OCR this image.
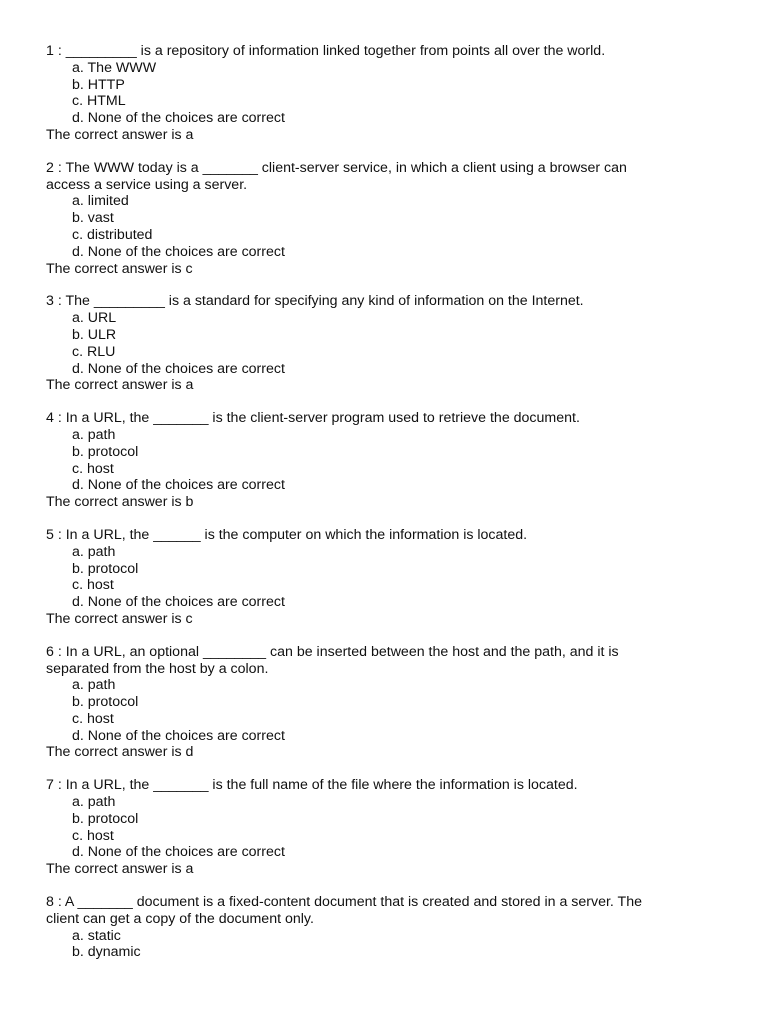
1 : _________ is a repository of information linked together from points all over the world.

a. The WWW
b. HTTP
c. HTML
d. None of the choices are correct

The correct answer is a

2 : The WWW today is a _______ client-server service, in which a client using a browser can
access a service using a server.

a. limited
b. vast
c. distributed
d. None of the choices are correct

The correct answer is c

3 : The _________ is a standard for specifying any kind of information on the Internet.

a. URL
b. ULR
c. RLU
d. None of the choices are correct

The correct answer is a

4 : In a URL, the _______ is the client-server program used to retrieve the document.

a. path
b. protocol
c. host
d. None of the choices are correct

The correct answer is b

5 : In a URL, the ______ is the computer on which the information is located.

a. path
b. protocol
c. host
d. None of the choices are correct

The correct answer is c

6 : In a URL, an optional ________ can be inserted between the host and the path, and it is
separated from the host by a colon.

a. path
b. protocol
c. host
d. None of the choices are correct

The correct answer is d

7 : In a URL, the _______ is the full name of the file where the information is located.

a. path
b. protocol
c. host
d. None of the choices are correct

The correct answer is a

8 : A _______ document is a fixed-content document that is created and stored in a server. The
client can get a copy of the document only.

a. static
b. dynamic
